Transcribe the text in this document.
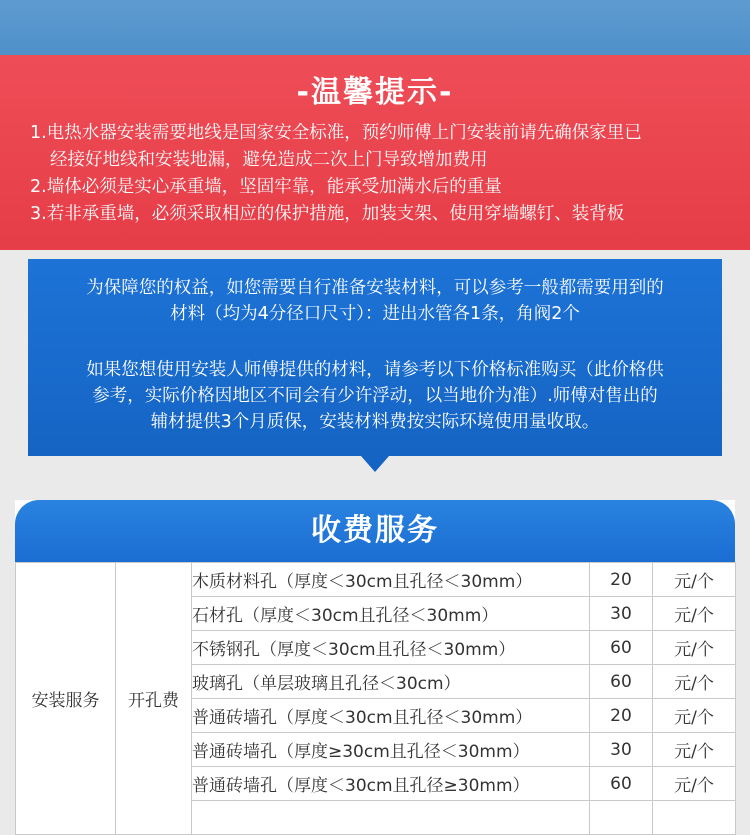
-温馨提示-
1.电热水器安装需要地线是国家安全标准，预约师傅上门安装前请先确保家里已
经接好地线和安装地漏，避免造成二次上门导致增加费用
2.墙体必须是实心承重墙，坚固牢靠，能承受加满水后的重量
3.若非承重墙，必须采取相应的保护措施，加装支架、使用穿墙螺钉、装背板
为保障您的权益，如您需要自行准备安装材料，可以参考一般都需要用到的
材料（均为4分径口尺寸）：进出水管各1条，角阀2个
如果您想使用安装人师傅提供的材料，请参考以下价格标准购买（此价格供
参考，实际价格因地区不同会有少许浮动，以当地价为准）.师傅对售出的
辅材提供3个月质保，安装材料费按实际环境使用量收取。
收费服务
安装服务	开孔费	木质材料孔（厚度＜30cm且孔径＜30mm）	20	元/个
		石材孔（厚度＜30cm且孔径＜30mm）	30	元/个
		不锈钢孔（厚度＜30cm且孔径＜30mm）	60	元/个
		玻璃孔（单层玻璃且孔径＜30cm）	60	元/个
		普通砖墙孔（厚度＜30cm且孔径＜30mm）	20	元/个
		普通砖墙孔（厚度≥30cm且孔径＜30mm）	30	元/个
		普通砖墙孔（厚度＜30cm且孔径≥30mm）	60	元/个
